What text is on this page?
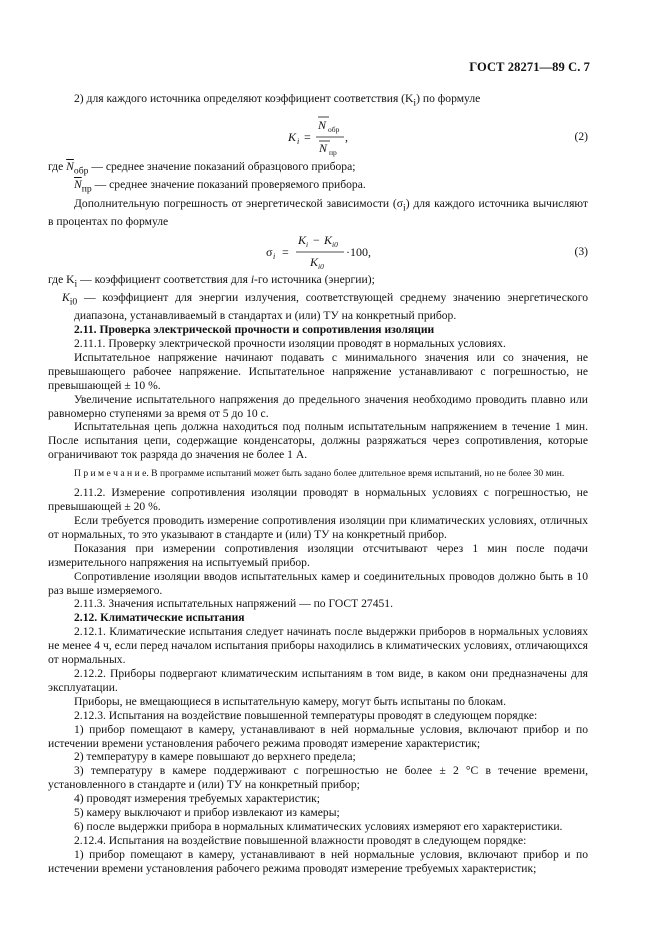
ГОСТ 28271—89 С. 7

2) для каждого источника определяют коэффициент соответствия $(K_i)$ по формуле

K i =
N обр
N пр
,	(2)

где $\overline{N}_{обр}$ — среднее значение показаний образцового прибора;

$\overline{N}_{пр}$ — среднее значение показаний проверяемого прибора.

Дополнительную погрешность от энергетической зависимости $(\sigma_i)$ для каждого источника вычисляют в процентах по формуле

σ i =
K i − K i0
K i0
·100,	(3)

где $K_i$ — коэффициент соответствия для i-го источника (энергии);

$K_{i0}$ — коэффициент для энергии излучения, соответствующей среднему значению энергетического диапазона, устанавливаемый в стандартах и (или) ТУ на конкретный прибор.

2.11. Проверка электрической прочности и сопротивления изоляции

2.11.1. Проверку электрической прочности изоляции проводят в нормальных условиях.

Испытательное напряжение начинают подавать с минимального значения или со значения, не превышающего рабочее напряжение. Испытательное напряжение устанавливают с погрешностью, не превышающей ± 10 %.

Увеличение испытательного напряжения до предельного значения необходимо проводить плавно или равномерно ступенями за время от 5 до 10 с.

Испытательная цепь должна находиться под полным испытательным напряжением в течение 1 мин. После испытания цепи, содержащие конденсаторы, должны разряжаться через сопротивления, которые ограничивают ток разряда до значения не более 1 А.

П р и м е ч а н и е. В программе испытаний может быть задано более длительное время испытаний, но не более 30 мин.

2.11.2. Измерение сопротивления изоляции проводят в нормальных условиях с погрешностью, не превышающей ± 20 %.

Если требуется проводить измерение сопротивления изоляции при климатических условиях, отличных от нормальных, то это указывают в стандарте и (или) ТУ на конкретный прибор.

Показания при измерении сопротивления изоляции отсчитывают через 1 мин после подачи измерительного напряжения на испытуемый прибор.

Сопротивление изоляции вводов испытательных камер и соединительных проводов должно быть в 10 раз выше измеряемого.

2.11.3. Значения испытательных напряжений — по ГОСТ 27451.

2.12. Климатические испытания

2.12.1. Климатические испытания следует начинать после выдержки приборов в нормальных условиях не менее 4 ч, если перед началом испытания приборы находились в климатических условиях, отличающихся от нормальных.

2.12.2. Приборы подвергают климатическим испытаниям в том виде, в каком они предназначены для эксплуатации.

Приборы, не вмещающиеся в испытательную камеру, могут быть испытаны по блокам.

2.12.3. Испытания на воздействие повышенной температуры проводят в следующем порядке:

1) прибор помещают в камеру, устанавливают в ней нормальные условия, включают прибор и по истечении времени установления рабочего режима проводят измерение характеристик;

2) температуру в камере повышают до верхнего предела;

3) температуру в камере поддерживают с погрешностью не более ± 2 °C в течение времени, установленного в стандарте и (или) ТУ на конкретный прибор;

4) проводят измерения требуемых характеристик;

5) камеру выключают и прибор извлекают из камеры;

6) после выдержки прибора в нормальных климатических условиях измеряют его характеристики.

2.12.4. Испытания на воздействие повышенной влажности проводят в следующем порядке:

1) прибор помещают в камеру, устанавливают в ней нормальные условия, включают прибор и по истечении времени установления рабочего режима проводят измерение требуемых характеристик;
